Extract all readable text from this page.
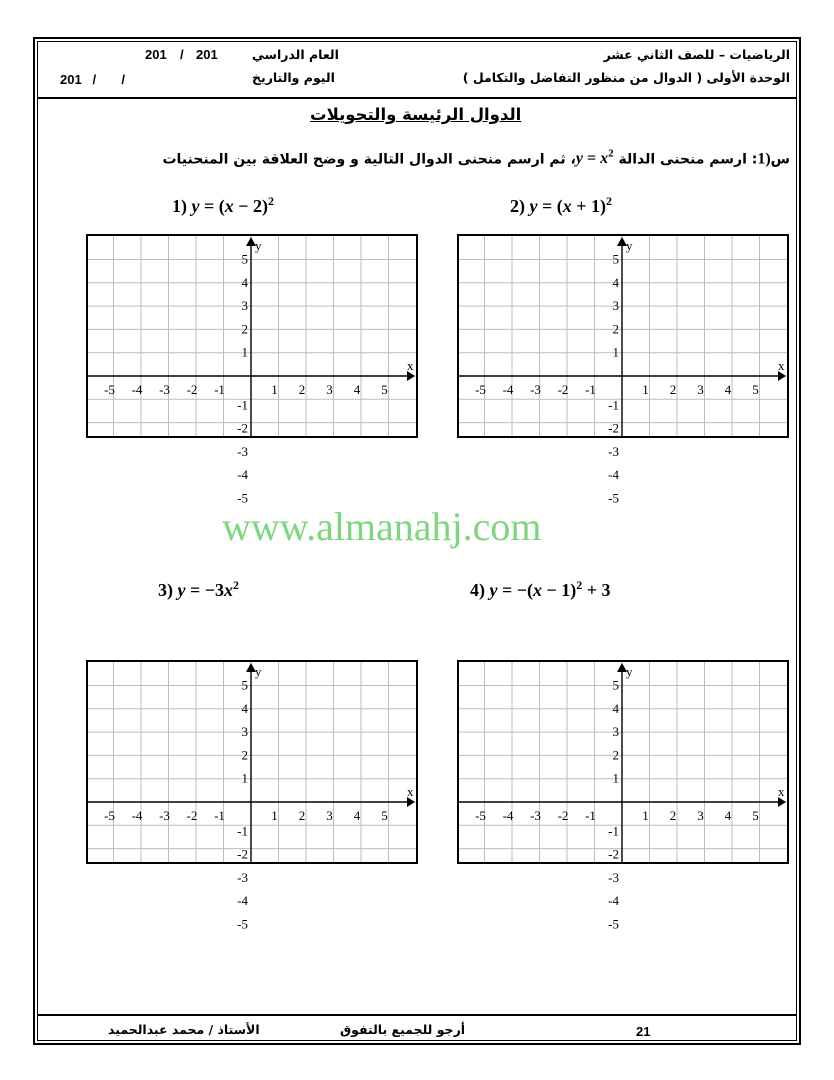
الرياضيات – للصف الثاني عشر
الوحدة الأولى ( الدوال من منظور التفاضل والتكامل )
العام الدراسي
201
/
201
اليوم والتاريخ
201   /       /
الدوال الرئيسة والتحويلات
س1): ارسم منحنى الدالة $y = x^2،$ ثم ارسم منحنى الدوال التالية و وضح العلاقة بين المنحنيات
1) $y = (x - 2)^2$	2) $y = (x + 1)^2$
3) $y = -3x^2$	4) $y = -(x - 1)^2 + 3$
www.almanahj.com
x
y
-5 -4 -3 -2 -1	1 2 3 4 5
5
4
3
2
1
-1
-2
-3
-4
-5
x
y
-5 -4 -3 -2 -1	1 2 3 4 5
5
4
3
2
1
-1
-2
-3
-4
-5
x
y
-5 -4 -3 -2 -1	1 2 3 4 5
5
4
3
2
1
-1
-2
-3
-4
-5
x
y
-5 -4 -3 -2 -1	1 2 3 4 5
5
4
3
2
1
-1
-2
-3
-4
-5
الأستاذ / محمد عبدالحميد	أرجو للجميع بالتفوق	21
